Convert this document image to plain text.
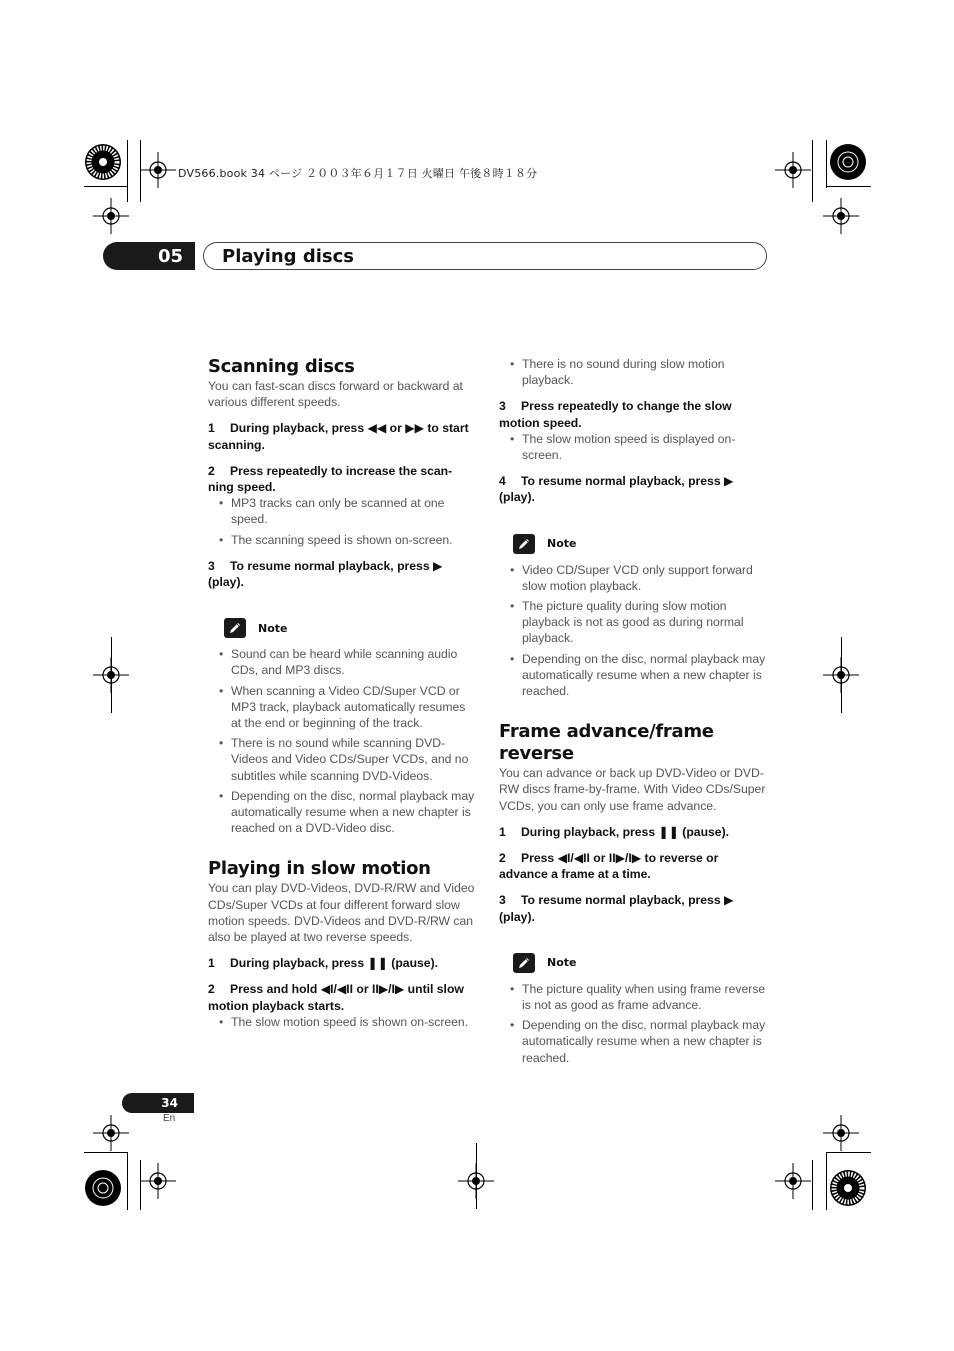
DV566.book 34 ページ ２００３年６月１７日 火曜日 午後８時１８分
05	Playing discs
Scanning discs

You can fast-scan discs forward or backward at various different speeds.

1 During playback, press ◀◀ or ▶▶ to start scanning.
2 Press repeatedly to increase the scan-ning speed.
• MP3 tracks can only be scanned at one speed.
• The scanning speed is shown on-screen.
3 To resume normal playback, press ▶ (play).
Note
• Sound can be heard while scanning audio CDs, and MP3 discs.
• When scanning a Video CD/Super VCD or MP3 track, playback automatically resumes at the end or beginning of the track.
• There is no sound while scanning DVD-Videos and Video CDs/Super VCDs, and no subtitles while scanning DVD-Videos.
• Depending on the disc, normal playback may automatically resume when a new chapter is reached on a DVD-Video disc.
Playing in slow motion

You can play DVD-Videos, DVD-R/RW and Video CDs/Super VCDs at four different forward slow motion speeds. DVD-Videos and DVD-R/RW can also be played at two reverse speeds.

1 During playback, press ❚❚ (pause).
2 Press and hold ◀I/◀II or II▶/I▶ until slow motion playback starts.
• The slow motion speed is shown on-screen.
• There is no sound during slow motion playback.
3 Press repeatedly to change the slow motion speed.
• The slow motion speed is displayed on-screen.
4 To resume normal playback, press ▶ (play).
Note
• Video CD/Super VCD only support forward slow motion playback.
• The picture quality during slow motion playback is not as good as during normal playback.
• Depending on the disc, normal playback may automatically resume when a new chapter is reached.
Frame advance/frame reverse

You can advance or back up DVD-Video or DVD-RW discs frame-by-frame. With Video CDs/Super VCDs, you can only use frame advance.

1 During playback, press ❚❚ (pause).
2 Press ◀I/◀II or II▶/I▶ to reverse or advance a frame at a time.
3 To resume normal playback, press ▶ (play).
Note
• The picture quality when using frame reverse is not as good as frame advance.
• Depending on the disc, normal playback may automatically resume when a new chapter is reached.
34
En
